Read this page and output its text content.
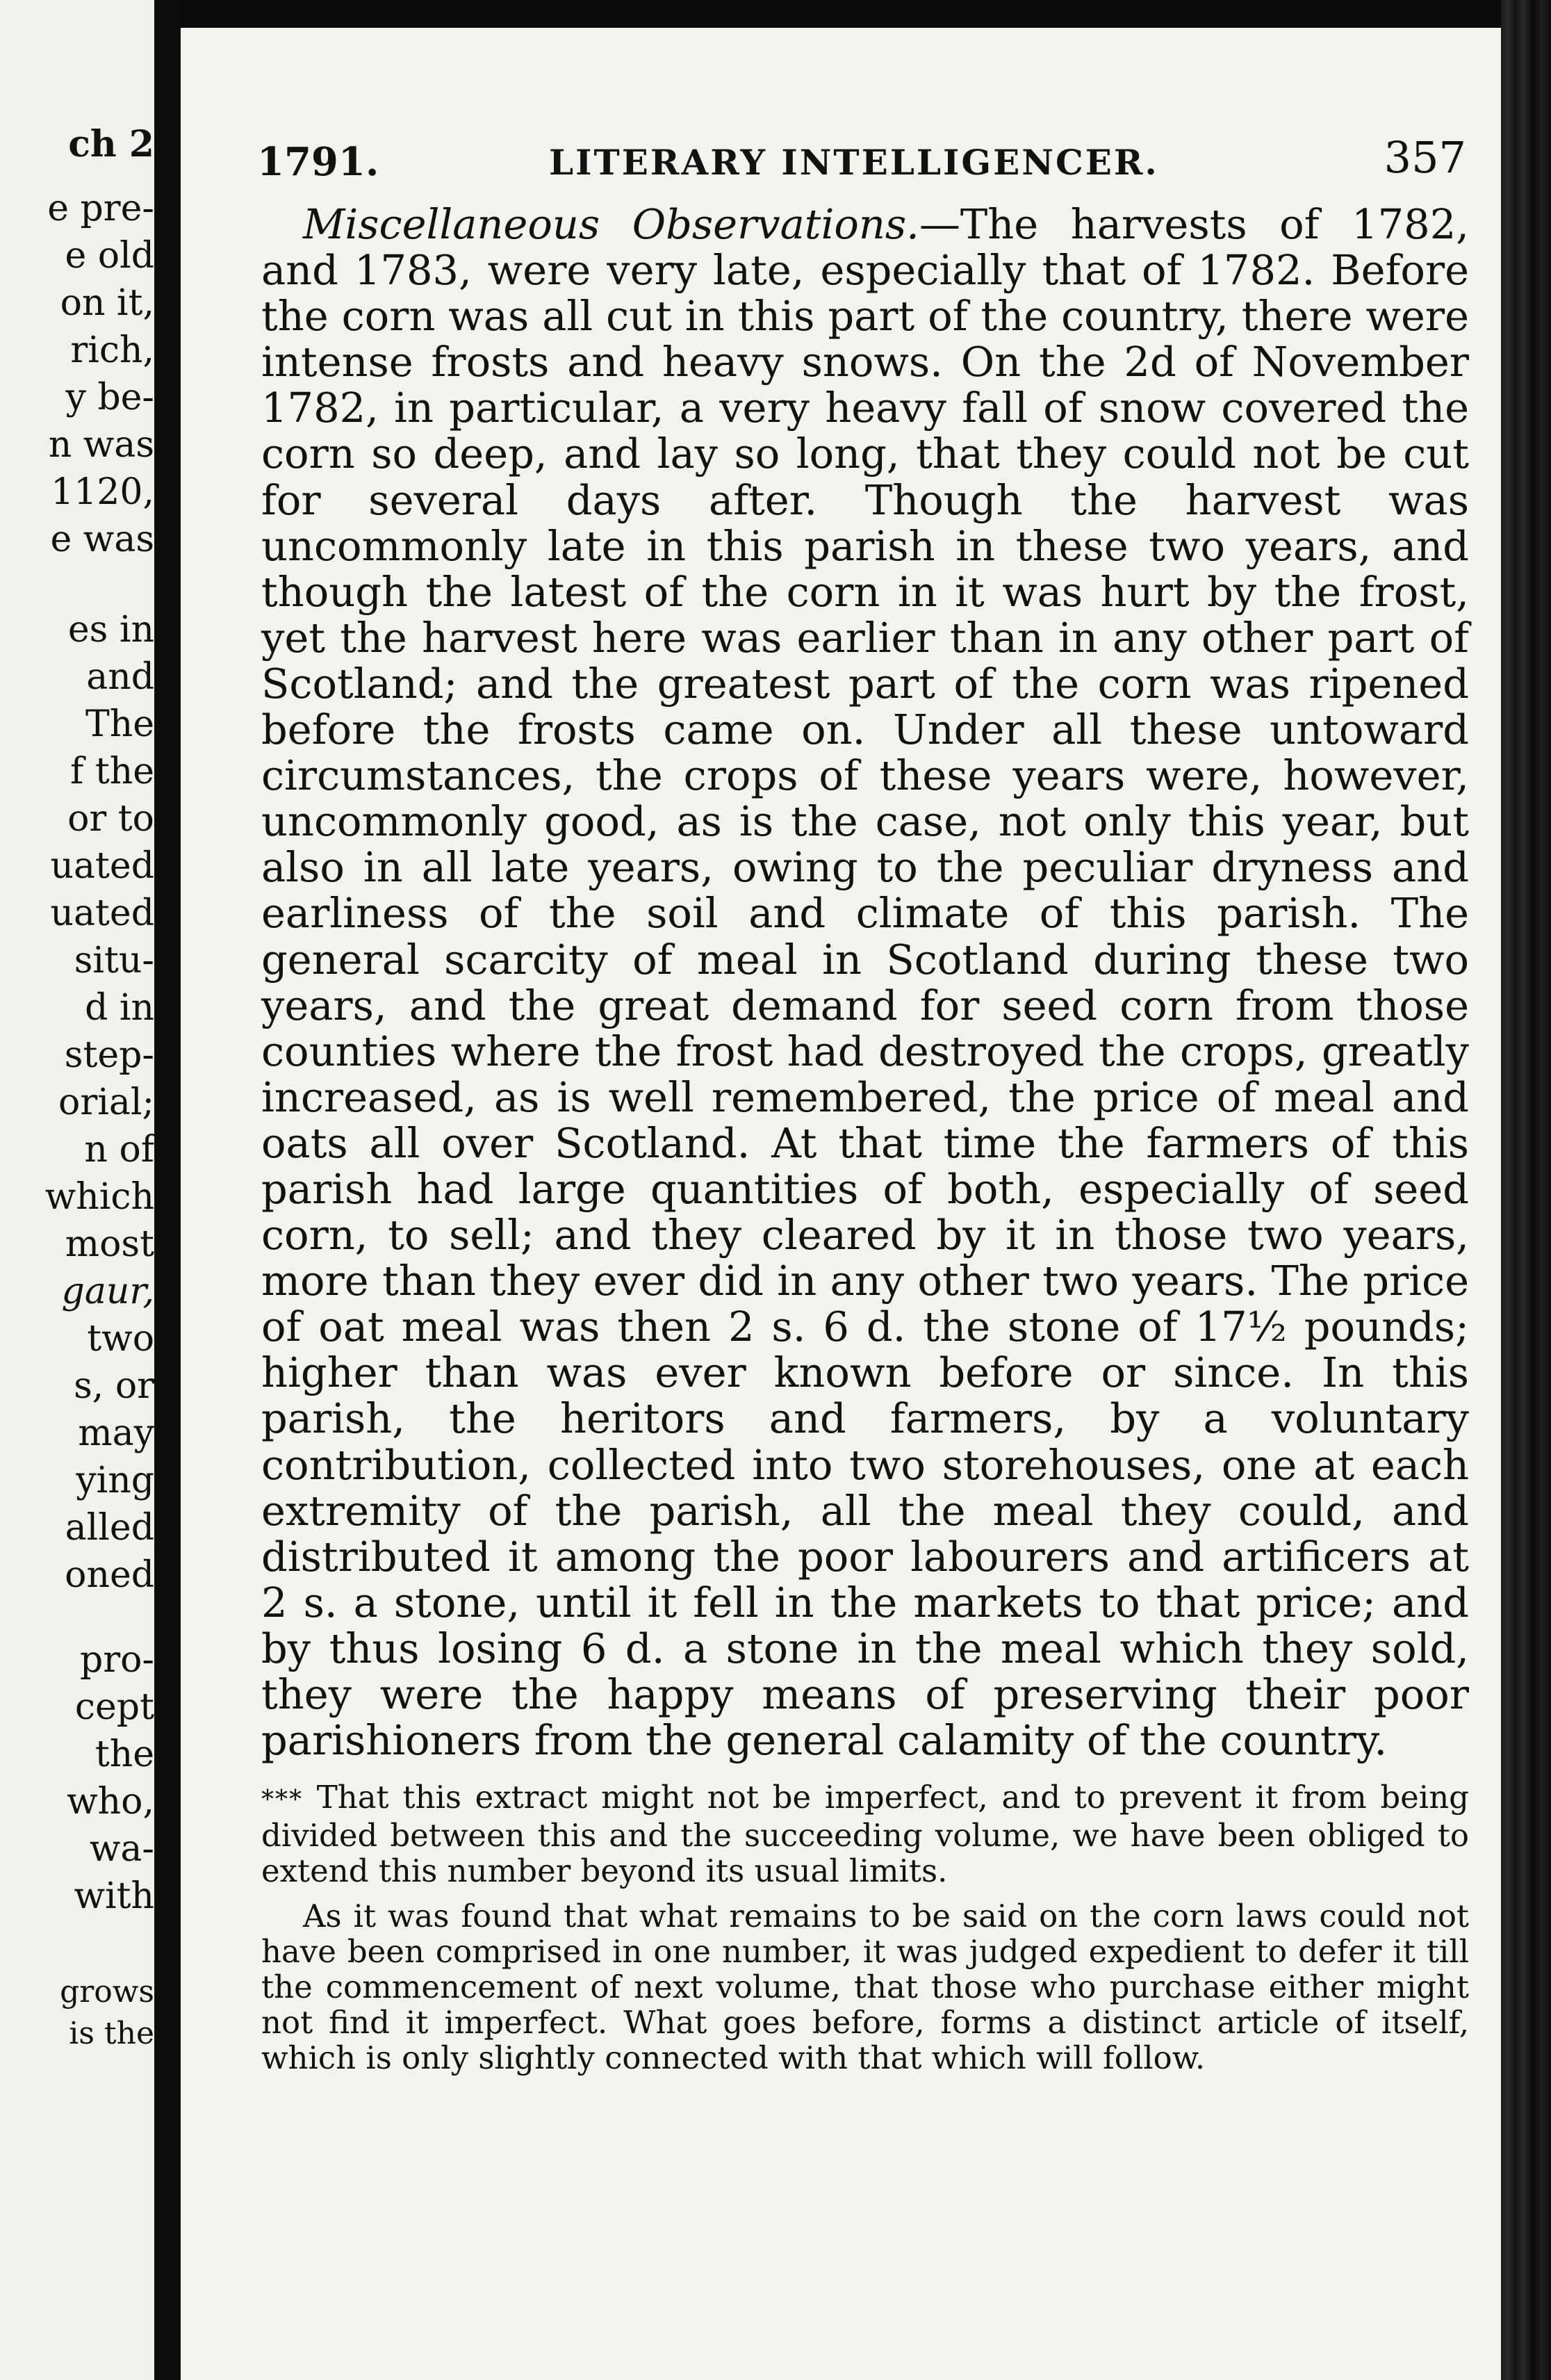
ch 2
e pre-
e old
on it,
rich,
y be-
n was
1120,
e was
es in
and
The
f the
or to
uated
uated
situ-
d in
step-
orial;
n of
which
most
gaur,
two
s, or
may
ying
alled
oned
pro-
cept
the
who,
wa-
with
grows
is the
1791.	LITERARY INTELLIGENCER.	357

Miscellaneous Observations.—The harvests of 1782, and 1783, were very late, especially that of 1782. Before the corn was all cut in this part of the country, there were intense frosts and heavy snows. On the 2d of November 1782, in particular, a very heavy fall of snow covered the corn so deep, and lay so long, that they could not be cut for several days after. Though the harvest was uncommonly late in this parish in these two years, and though the latest of the corn in it was hurt by the frost, yet the harvest here was earlier than in any other part of Scotland; and the greatest part of the corn was ripened before the frosts came on. Under all these untoward circumstances, the crops of these years were, however, uncommonly good, as is the case, not only this year, but also in all late years, owing to the peculiar dryness and earliness of the soil and climate of this parish. The general scarcity of meal in Scotland during these two years, and the great demand for seed corn from those counties where the frost had destroyed the crops, greatly increased, as is well remembered, the price of meal and oats all over Scotland. At that time the farmers of this parish had large quantities of both, especially of seed corn, to sell; and they cleared by it in those two years, more than they ever did in any other two years. The price of oat meal was then 2 s. 6 d. the stone of 17½ pounds; higher than was ever known before or since. In this parish, the heritors and farmers, by a voluntary contribution, collected into two storehouses, one at each extremity of the parish, all the meal they could, and distributed it among the poor labourers and artificers at 2 s. a stone, until it fell in the markets to that price; and by thus losing 6 d. a stone in the meal which they sold, they were the happy means of preserving their poor parishioners from the general calamity of the country.

*** That this extract might not be imperfect, and to prevent it from being divided between this and the succeeding volume, we have been obliged to extend this number beyond its usual limits.

As it was found that what remains to be said on the corn laws could not have been comprised in one number, it was judged expedient to defer it till the commencement of next volume, that those who purchase either might not find it imperfect. What goes before, forms a distinct article of itself, which is only slightly connected with that which will follow.
